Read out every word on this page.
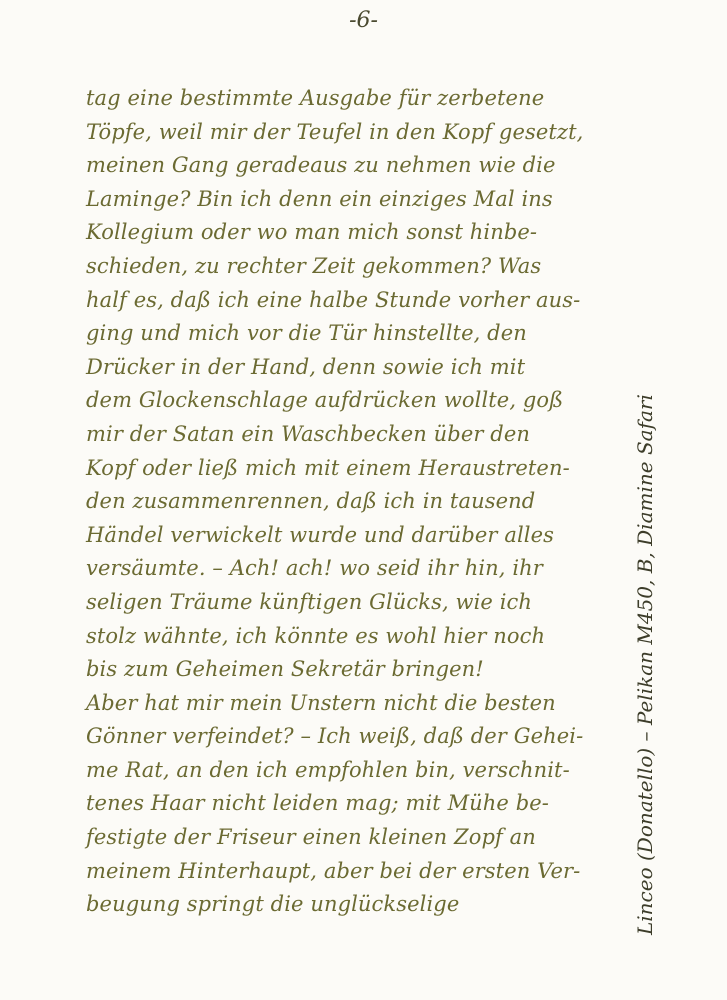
-6-
tag eine bestimmte Ausgabe für zerbetene
Töpfe, weil mir der Teufel in den Kopf gesetzt,
meinen Gang geradeaus zu nehmen wie die
Laminge? Bin ich denn ein einziges Mal ins
Kollegium oder wo man mich sonst hinbe-
schieden, zu rechter Zeit gekommen? Was
half es, daß ich eine halbe Stunde vorher aus-
ging und mich vor die Tür hinstellte, den
Drücker in der Hand, denn sowie ich mit
dem Glockenschlage aufdrücken wollte, goß
mir der Satan ein Waschbecken über den
Kopf oder ließ mich mit einem Heraustreten-
den zusammenrennen, daß ich in tausend
Händel verwickelt wurde und darüber alles
versäumte. – Ach! ach! wo seid ihr hin, ihr
seligen Träume künftigen Glücks, wie ich
stolz wähnte, ich könnte es wohl hier noch
bis zum Geheimen Sekretär bringen!
Aber hat mir mein Unstern nicht die besten
Gönner verfeindet? – Ich weiß, daß der Gehei-
me Rat, an den ich empfohlen bin, verschnit-
tenes Haar nicht leiden mag; mit Mühe be-
festigte der Friseur einen kleinen Zopf an
meinem Hinterhaupt, aber bei der ersten Ver-
beugung springt die unglückselige	Linceo (Donatello) – Pelikan M450, B, Diamine Safari
